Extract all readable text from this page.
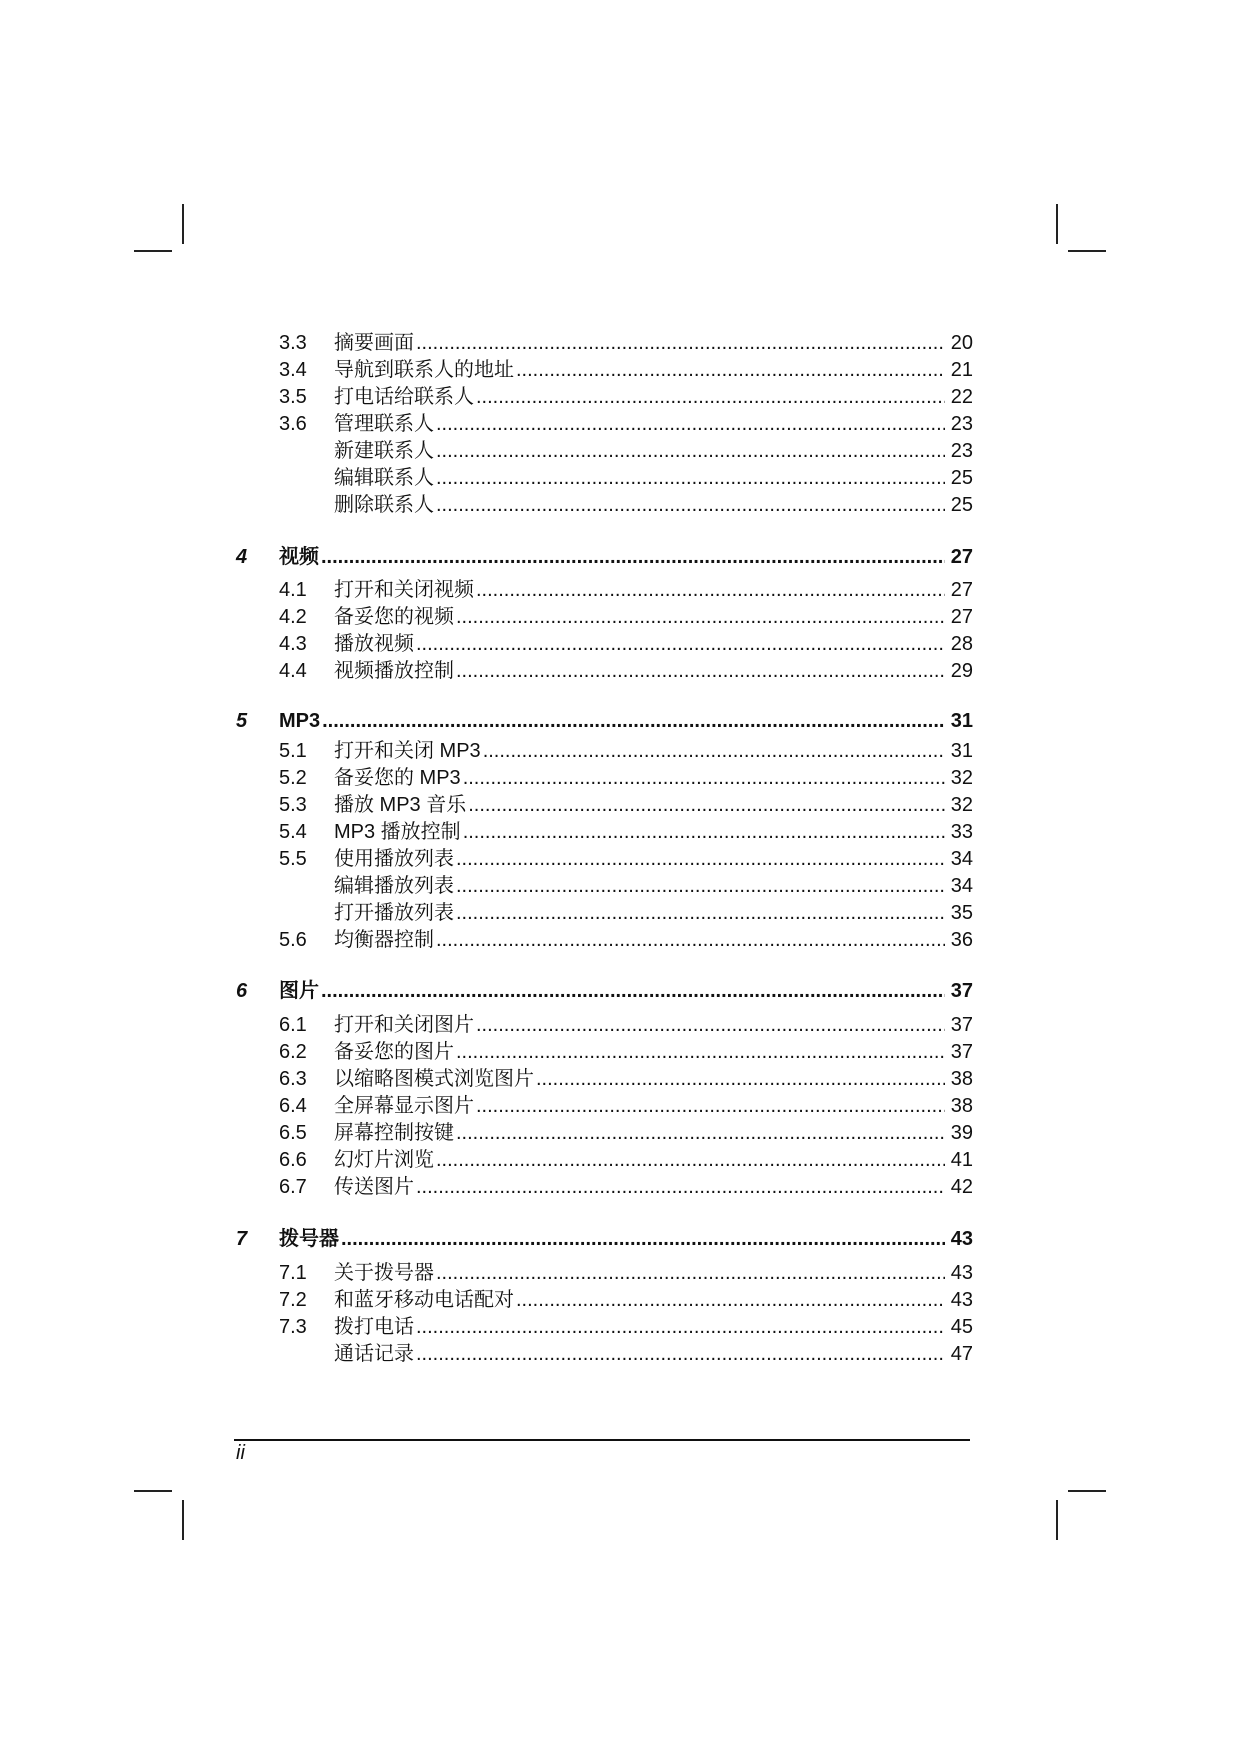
3.3 摘要画面 .....	20
3.4 导航到联系人的地址 .....	21
3.5 打电话给联系人 .....	22
3.6 管理联系人 .....	23
新建联系人 .....	23
编辑联系人 .....	25
删除联系人 .....	25
4 视频 .....	27
4.1 打开和关闭视频 .....	27
4.2 备妥您的视频 .....	27
4.3 播放视频 .....	28
4.4 视频播放控制 .....	29
5 MP3 .....	31
5.1 打开和关闭 MP3 .....	31
5.2 备妥您的 MP3 .....	32
5.3 播放 MP3 音乐 .....	32
5.4 MP3 播放控制 .....	33
5.5 使用播放列表 .....	34
编辑播放列表 .....	34
打开播放列表 .....	35
5.6 均衡器控制 .....	36
6 图片 .....	37
6.1 打开和关闭图片 .....	37
6.2 备妥您的图片 .....	37
6.3 以缩略图模式浏览图片 .....	38
6.4 全屏幕显示图片 .....	38
6.5 屏幕控制按键 .....	39
6.6 幻灯片浏览 .....	41
6.7 传送图片 .....	42
7 拨号器 .....	43
7.1 关于拨号器 .....	43
7.2 和蓝牙移动电话配对 .....	43
7.3 拨打电话 .....	45
通话记录 .....	47
ii
